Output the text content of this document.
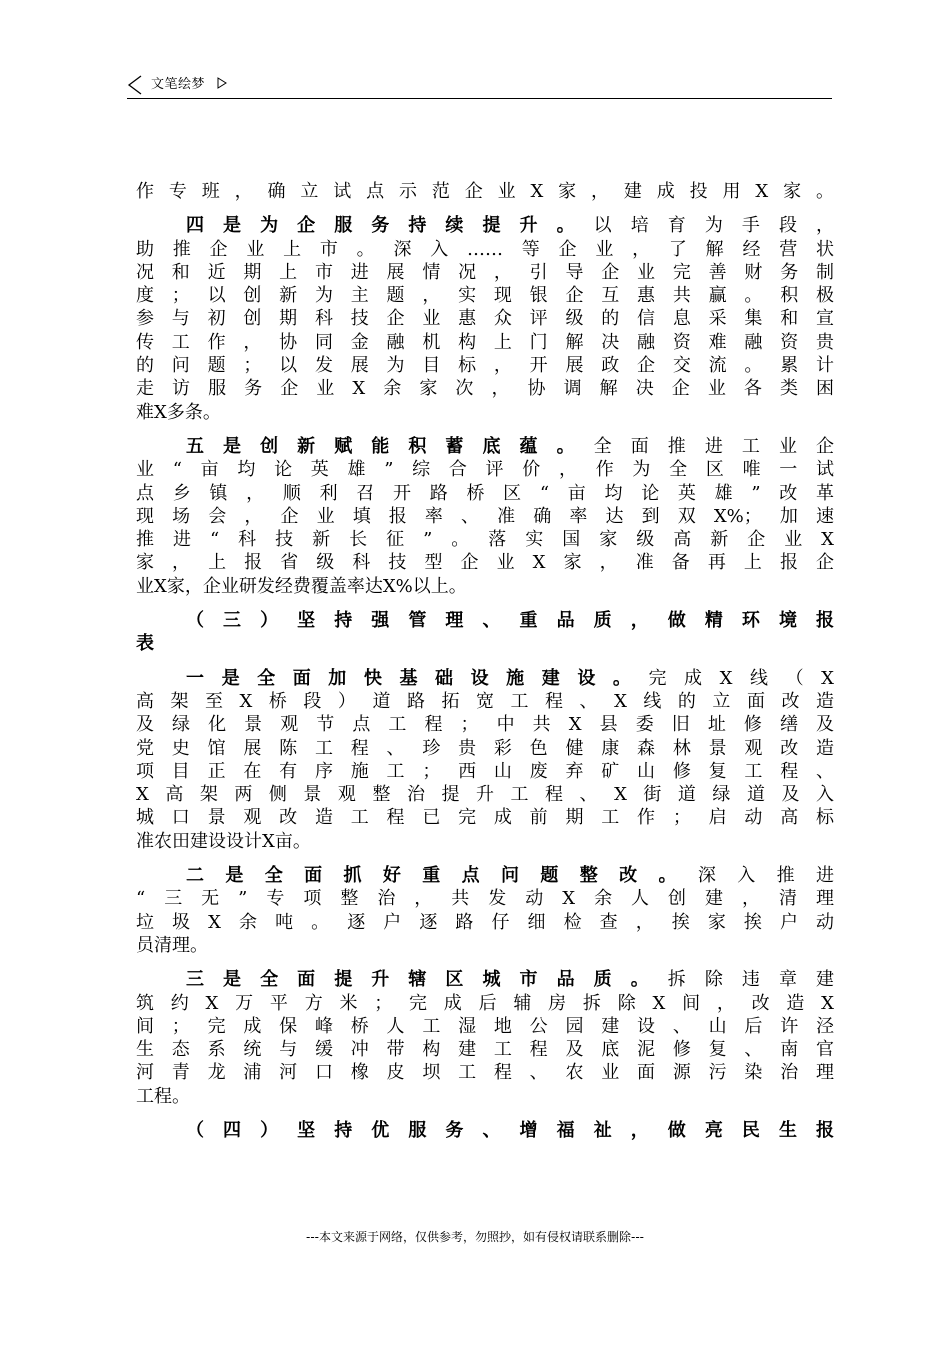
文笔绘梦
作专班，确立试点示范企业X家，建成投用X家。
四是为企服务持续提升。以培育为手段，
助推企业上市。深入……等企业，了解经营状
况和近期上市进展情况，引导企业完善财务制
度；以创新为主题，实现银企互惠共赢。积极
参与初创期科技企业惠众评级的信息采集和宣
传工作，协同金融机构上门解决融资难融资贵
的问题；以发展为目标，开展政企交流。累计
走访服务企业X余家次，协调解决企业各类困
难X多条。
五是创新赋能积蓄底蕴。全面推进工业企
业“亩均论英雄”综合评价，作为全区唯一试
点乡镇，顺利召开路桥区“亩均论英雄”改革
现场会，企业填报率、准确率达到双X%；加速
推进“科技新长征”。落实国家级高新企业X
家，上报省级科技型企业X家，准备再上报企
业X家，企业研发经费覆盖率达X%以上。
（三）坚持强管理、重品质，做精环境报
表
一是全面加快基础设施建设。完成X线（X
高架至X桥段）道路拓宽工程、X线的立面改造
及绿化景观节点工程；中共X县委旧址修缮及
党史馆展陈工程、珍贵彩色健康森林景观改造
项目正在有序施工；西山废弃矿山修复工程、
X高架两侧景观整治提升工程、X街道绿道及入
城口景观改造工程已完成前期工作；启动高标
准农田建设设计X亩。
二是全面抓好重点问题整改。深入推进
“三无”专项整治，共发动X余人创建，清理
垃圾X余吨。逐户逐路仔细检查，挨家挨户动
员清理。
三是全面提升辖区城市品质。拆除违章建
筑约X万平方米；完成后辅房拆除X间，改造X
间；完成保峰桥人工湿地公园建设、山后许泾
生态系统与缓冲带构建工程及底泥修复、南官
河青龙浦河口橡皮坝工程、农业面源污染治理
工程。
（四）坚持优服务、增福祉，做亮民生报
---本文来源于网络，仅供参考，勿照抄，如有侵权请联系删除---
